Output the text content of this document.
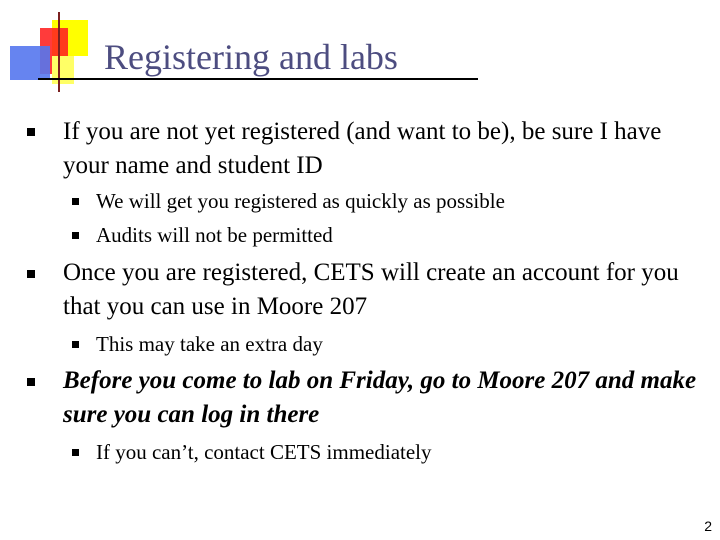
Registering and labs
If you are not yet registered (and want to be), be sure I have your name and student ID
We will get you registered as quickly as possible
Audits will not be permitted
Once you are registered, CETS will create an account for you that you can use in Moore 207
This may take an extra day
Before you come to lab on Friday, go to Moore 207 and make sure you can log in there
If you can’t, contact CETS immediately
2
